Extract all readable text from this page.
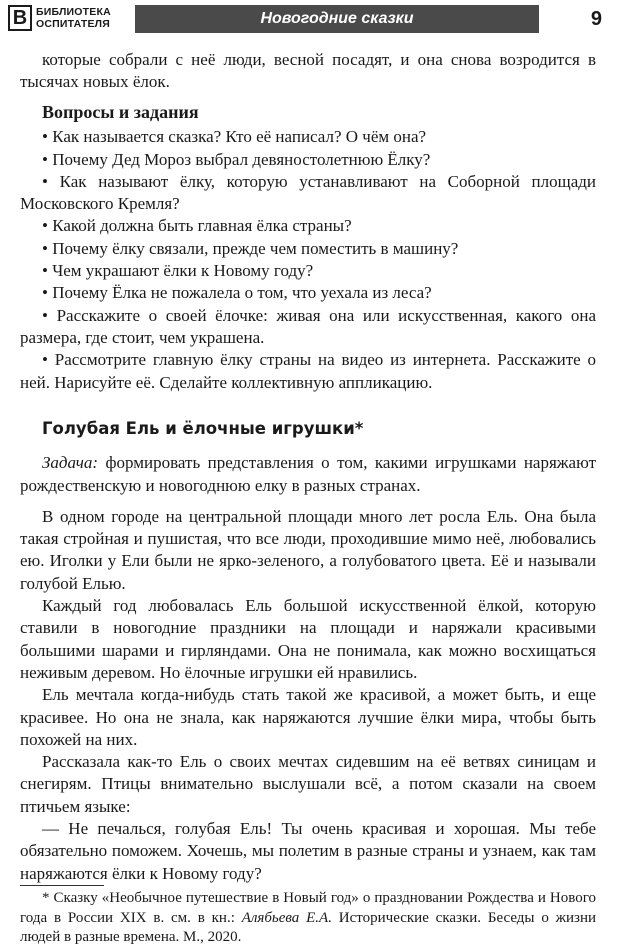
В БИБЛИОТЕКА
ОСПИТАТЕЛЯ	Новогодние сказки	9

которые собрали с неё люди, весной посадят, и она снова возродится в тысячах новых ёлок.

Вопросы и задания

• Как называется сказка? Кто её написал? О чём она?

• Почему Дед Мороз выбрал девяностолетнюю Ёлку?

• Как называют ёлку, которую устанавливают на Соборной площади Московского Кремля?

• Какой должна быть главная ёлка страны?

• Почему ёлку связали, прежде чем поместить в машину?

• Чем украшают ёлки к Новому году?

• Почему Ёлка не пожалела о том, что уехала из леса?

• Расскажите о своей ёлочке: живая она или искусственная, какого она размера, где стоит, чем украшена.

• Рассмотрите главную ёлку страны на видео из интернета. Расскажите о ней. Нарисуйте её. Сделайте коллективную аппликацию.

Голубая Ель и ёлочные игрушки*

Задача: формировать представления о том, какими игрушками наряжают рождественскую и новогоднюю елку в разных странах.

В одном городе на центральной площади много лет росла Ель. Она была такая стройная и пушистая, что все люди, проходившие мимо неё, любовались ею. Иголки у Ели были не ярко-зеленого, а голубоватого цвета. Её и называли голубой Елью.

Каждый год любовалась Ель большой искусственной ёлкой, которую ставили в новогодние праздники на площади и наряжали красивыми большими шарами и гирляндами. Она не понимала, как можно восхищаться неживым деревом. Но ёлочные игрушки ей нравились.

Ель мечтала когда-нибудь стать такой же красивой, а может быть, и еще красивее. Но она не знала, как наряжаются лучшие ёлки мира, чтобы быть похожей на них.

Рассказала как-то Ель о своих мечтах сидевшим на её ветвях синицам и снегирям. Птицы внимательно выслушали всё, а потом сказали на своем птичьем языке:

— Не печалься, голубая Ель! Ты очень красивая и хорошая. Мы тебе обязательно поможем. Хочешь, мы полетим в разные страны и узнаем, как там наряжаются ёлки к Новому году?

* Сказку «Необычное путешествие в Новый год» о праздновании Рождества и Нового года в России XIX в. см. в кн.: Алябьева Е.А. Исторические сказки. Беседы о жизни людей в разные времена. М., 2020.
